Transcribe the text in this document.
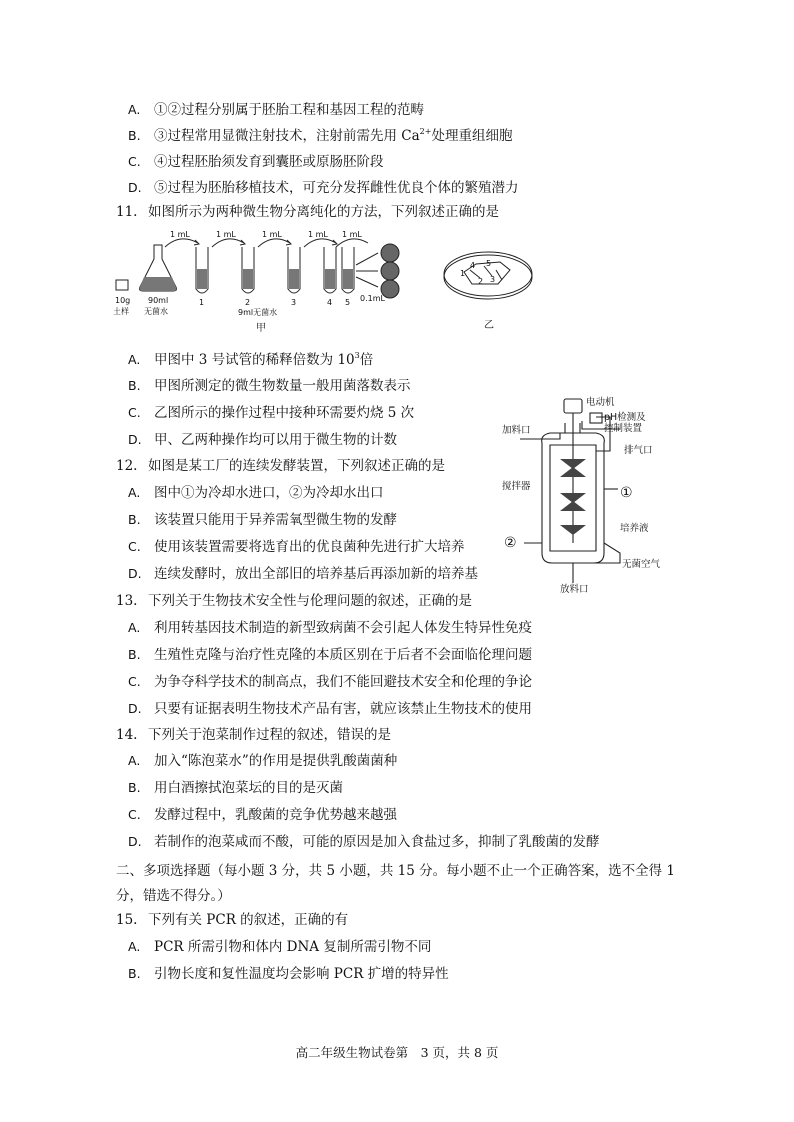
A. ①②过程分别属于胚胎工程和基因工程的范畴
B. ③过程常用显微注射技术，注射前需先用 $Ca^{2+}$处理重组细胞
C. ④过程胚胎须发育到囊胚或原肠胚阶段
D. ⑤过程为胚胎移植技术，可充分发挥雌性优良个体的繁殖潜力
11. 如图所示为两种微生物分离纯化的方法，下列叙述正确的是
1 mL	1 mL	1 mL	1 mL 1 mL
10g
土样
90ml
无菌水
1	2	3	4 5
9ml无菌水
0.1mL
甲
1
2 3
4 5
乙
A. 甲图中 3 号试管的稀释倍数为 $10^3$倍
B. 甲图所测定的微生物数量一般用菌落数表示
C. 乙图所示的操作过程中接种环需要灼烧 5 次
D. 甲、乙两种操作均可以用于微生物的计数
12. 如图是某工厂的连续发酵装置，下列叙述正确的是
电动机
pH检测及
控制装置
加料口
排气口
搅拌器	①
②
培养液
无菌空气
放料口
A. 图中①为冷却水进口，②为冷却水出口
B. 该装置只能用于异养需氧型微生物的发酵
C. 使用该装置需要将选育出的优良菌种先进行扩大培养
D. 连续发酵时，放出全部旧的培养基后再添加新的培养基
13. 下列关于生物技术安全性与伦理问题的叙述，正确的是
A. 利用转基因技术制造的新型致病菌不会引起人体发生特异性免疫
B. 生殖性克隆与治疗性克隆的本质区别在于后者不会面临伦理问题
C. 为争夺科学技术的制高点，我们不能回避技术安全和伦理的争论
D. 只要有证据表明生物技术产品有害，就应该禁止生物技术的使用
14. 下列关于泡菜制作过程的叙述，错误的是
A. 加入“陈泡菜水”的作用是提供乳酸菌菌种
B. 用白酒擦拭泡菜坛的目的是灭菌
C. 发酵过程中，乳酸菌的竞争优势越来越强
D. 若制作的泡菜咸而不酸，可能的原因是加入食盐过多，抑制了乳酸菌的发酵
二、多项选择题（每小题 3 分，共 5 小题，共 15 分。每小题不止一个正确答案，选不全得 1
分，错选不得分。）
15. 下列有关 PCR 的叙述，正确的有
A. PCR 所需引物和体内 DNA 复制所需引物不同
B. 引物长度和复性温度均会影响 PCR 扩增的特异性
高二年级生物试卷第　3 页，共 8 页
